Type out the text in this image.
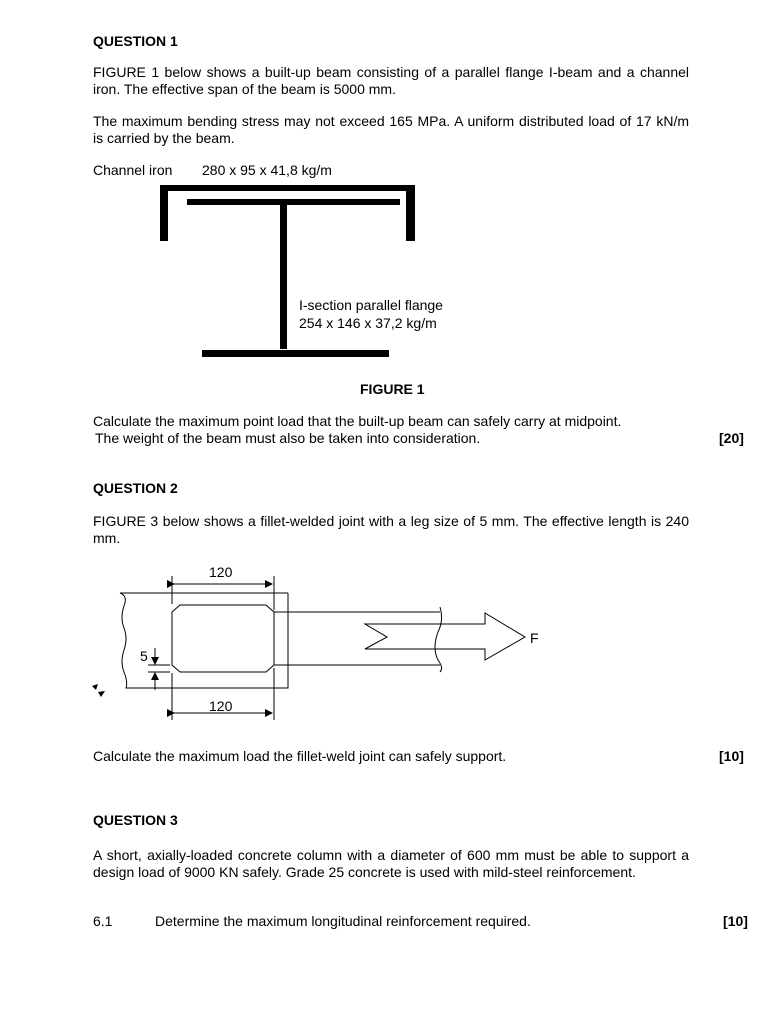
QUESTION 1
FIGURE 1 below shows a built-up beam consisting of a parallel flange I-beam and a channel iron. The effective span of the beam is 5000 mm.
The maximum bending stress may not exceed 165 MPa. A uniform distributed load of 17 kN/m is carried by the beam.
Channel iron 280 x 95 x 41,8 kg/m
I-section parallel flange
254 x 146 x 37,2 kg/m
FIGURE 1
Calculate the maximum point load that the built-up beam can safely carry at midpoint.
The weight of the beam must also be taken into consideration.	[20]
QUESTION 2
FIGURE 3 below shows a fillet-welded joint with a leg size of 5 mm. The effective length is 240 mm.
120
120
5
F
Calculate the maximum load the fillet-weld joint can safely support.	[10]
QUESTION 3
A short, axially-loaded concrete column with a diameter of 600 mm must be able to support a design load of 9000 KN safely. Grade 25 concrete is used with mild-steel reinforcement.
6.1	Determine the maximum longitudinal reinforcement required.	[10]
